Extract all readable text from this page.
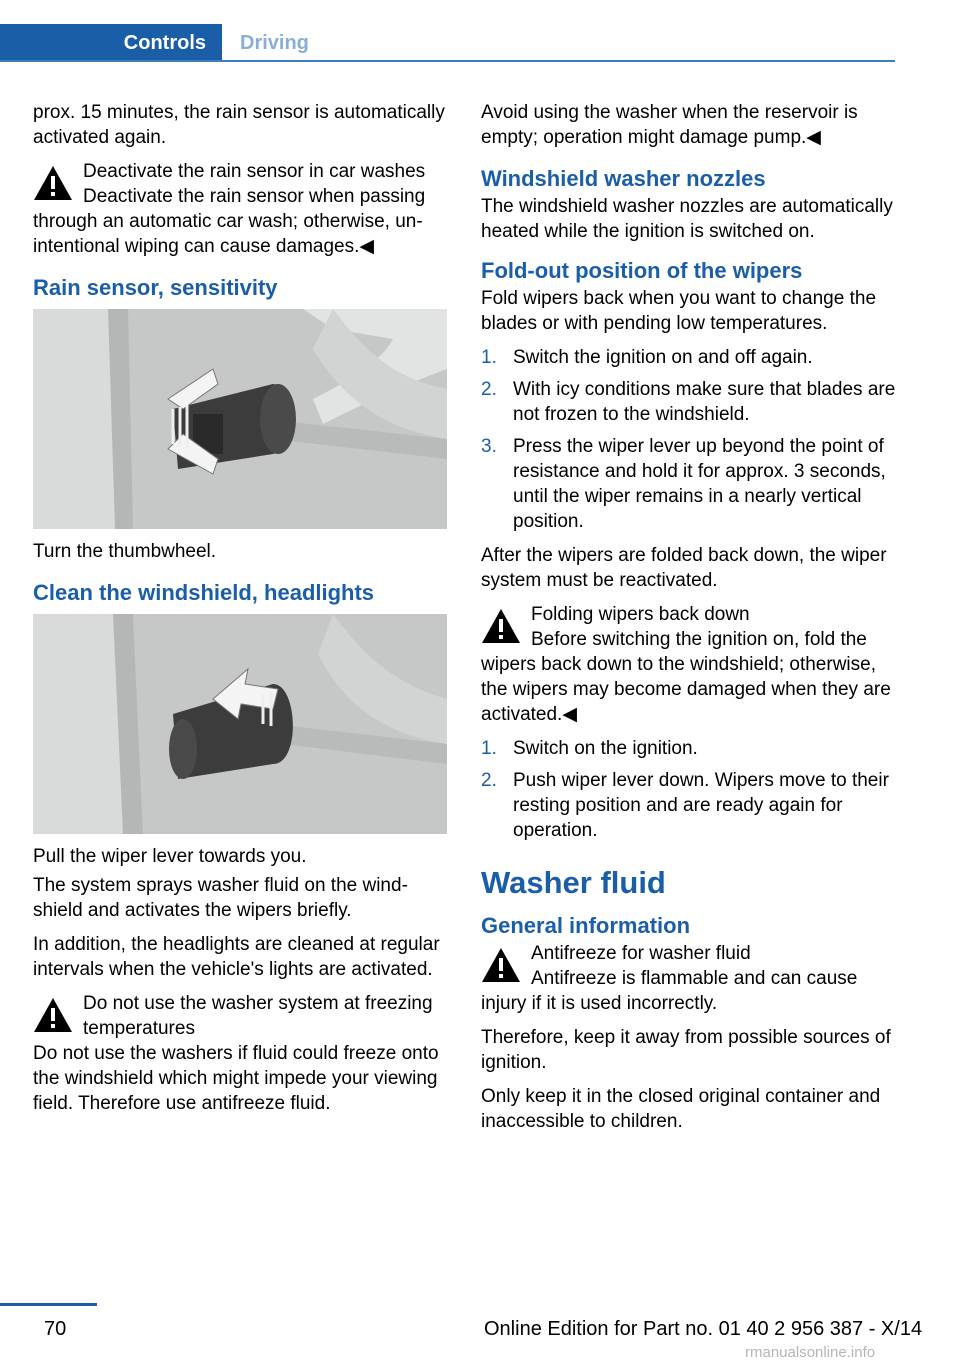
Controls	Driving

prox. 15 minutes, the rain sensor is automatically activated again.

Deactivate the rain sensor in car washes
Deactivate the rain sensor when passing through an automatic car wash; otherwise, unintentional wiping can cause damages.◀
Rain sensor, sensitivity

Turn the thumbwheel.

Clean the windshield, headlights

Pull the wiper lever towards you.

The system sprays washer fluid on the windshield and activates the wipers briefly.

In addition, the headlights are cleaned at regular intervals when the vehicle's lights are activated.

Do not use the washer system at freezing temperatures
Do not use the washers if fluid could freeze onto the windshield which might impede your viewing field. Therefore use antifreeze fluid.

Avoid using the washer when the reservoir is empty; operation might damage pump.◀

Windshield washer nozzles

The windshield washer nozzles are automatically heated while the ignition is switched on.

Fold-out position of the wipers

Fold wipers back when you want to change the blades or with pending low temperatures.

1. Switch the ignition on and off again.
2. With icy conditions make sure that blades are not frozen to the windshield.
3. Press the wiper lever up beyond the point of resistance and hold it for approx. 3 seconds, until the wiper remains in a nearly vertical position.

After the wipers are folded back down, the wiper system must be reactivated.

Folding wipers back down
Before switching the ignition on, fold the wipers back down to the windshield; otherwise, the wipers may become damaged when they are activated.◀
1. Switch on the ignition.
2. Push wiper lever down. Wipers move to their resting position and are ready again for operation.
Washer fluid
General information
Antifreeze for washer fluid
Antifreeze is flammable and can cause injury if it is used incorrectly.

Therefore, keep it away from possible sources of ignition.

Only keep it in the closed original container and inaccessible to children.

70	Online Edition for Part no. 01 40 2 956 387 - X/14
rmanualsonline.info
